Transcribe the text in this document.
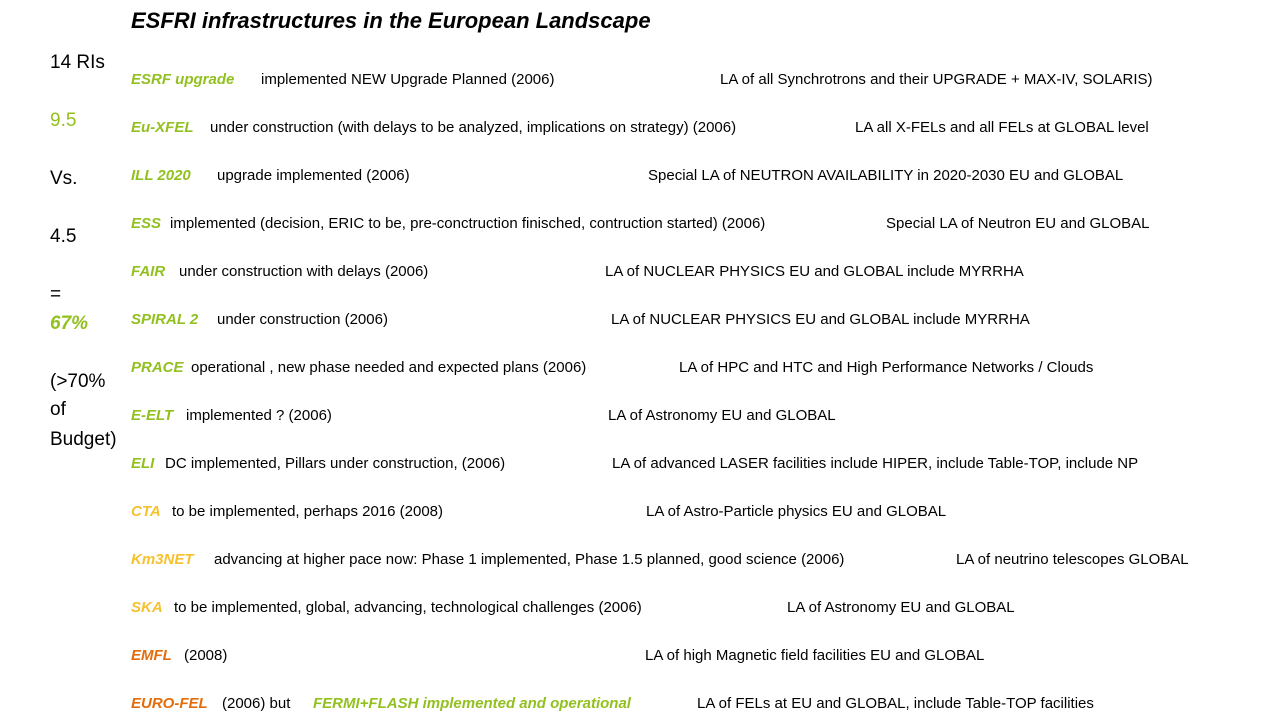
14 RIs
9.5
Vs.
4.5
=
67%
(>70%
of
Budget)
ESFRI infrastructures in the European Landscape
ESRF upgrade implemented NEW Upgrade Planned (2006)	LA of all Synchrotrons and their UPGRADE + MAX-IV, SOLARIS)
Eu-XFEL under construction (with delays to be analyzed, implications on strategy) (2006)	LA all X-FELs and all FELs at GLOBAL level
ILL 2020 upgrade implemented (2006)	Special LA of NEUTRON AVAILABILITY in 2020-2030 EU and GLOBAL
ESS implemented (decision, ERIC to be, pre-conctruction finisched, contruction started) (2006)	Special LA of Neutron EU and GLOBAL
FAIR under construction with delays (2006)	LA of NUCLEAR PHYSICS EU and GLOBAL include MYRRHA
SPIRAL 2 under construction (2006)	LA of NUCLEAR PHYSICS EU and GLOBAL include MYRRHA
PRACE operational , new phase needed and expected plans (2006)	LA of HPC and HTC and High Performance Networks / Clouds
E-ELT implemented ? (2006)	LA of Astronomy EU and GLOBAL
ELI DC implemented, Pillars under construction, (2006)	LA of advanced LASER facilities include HIPER, include Table-TOP, include NP
CTA to be implemented, perhaps 2016 (2008)	LA of Astro-Particle physics EU and GLOBAL
Km3NET advancing at higher pace now: Phase 1 implemented, Phase 1.5 planned, good science (2006)	LA of neutrino telescopes GLOBAL
SKA to be implemented, global, advancing, technological challenges (2006)	LA of Astronomy EU and GLOBAL
EMFL (2008)	LA of high Magnetic field facilities EU and GLOBAL
EURO-FEL (2006) but FERMI+FLASH implemented and operational	LA of FELs at EU and GLOBAL, include Table-TOP facilities
